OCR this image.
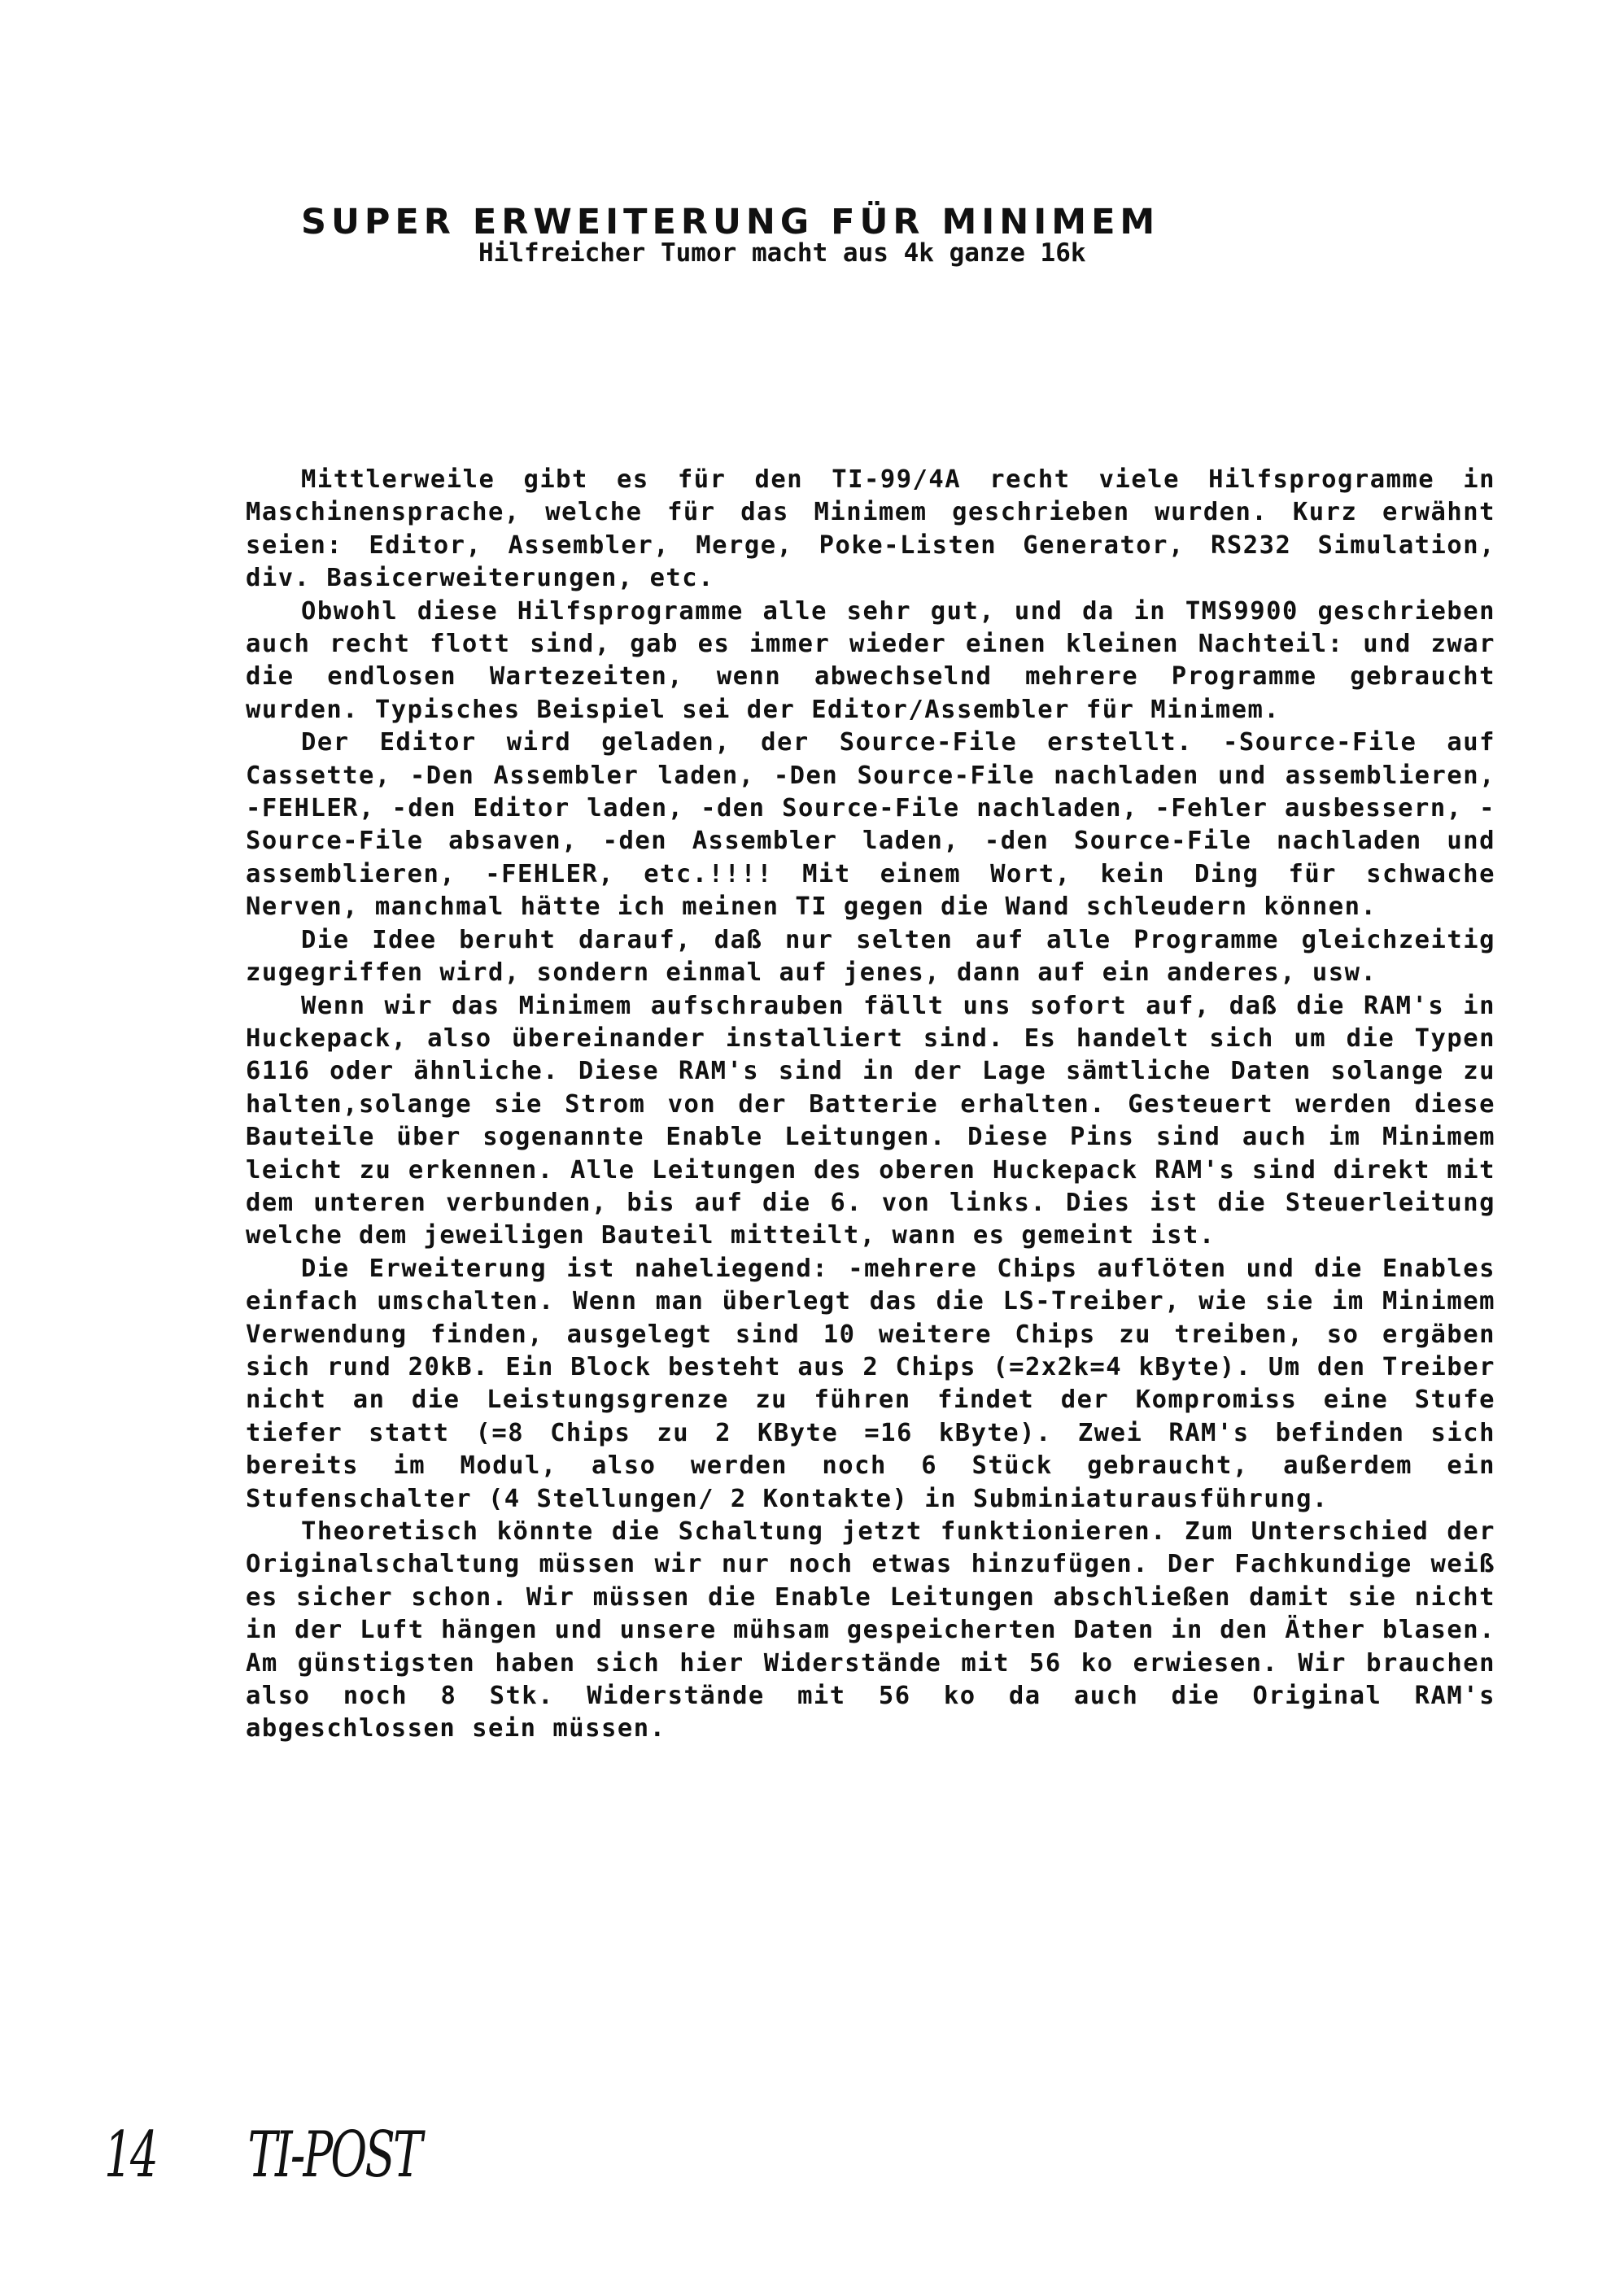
SUPER ERWEITERUNG FÜR MINIMEM
Hilfreicher Tumor macht aus 4k ganze 16k

Mittlerweile gibt es für den TI-99/4A recht viele Hilfsprogramme in Maschinensprache, welche für das Minimem geschrieben wurden. Kurz erwähnt seien: Editor, Assembler, Merge, Poke-Listen Generator, RS232 Simulation, div. Basicerweiterungen, etc.

Obwohl diese Hilfsprogramme alle sehr gut, und da in TMS9900 geschrieben auch recht flott sind, gab es immer wieder einen kleinen Nachteil: und zwar die endlosen Wartezeiten, wenn abwechselnd mehrere Programme gebraucht wurden. Typisches Beispiel sei der Editor/Assembler für Minimem.

Der Editor wird geladen, der Source-File erstellt. -Source-File auf Cassette, -Den Assembler laden, -Den Source-File nachladen und assemblieren, -FEHLER, -den Editor laden, -den Source-File nachladen, -Fehler ausbessern, -Source-File absaven, -den Assembler laden, -den Source-File nachladen und assemblieren, -FEHLER, etc.!!!! Mit einem Wort, kein Ding für schwache Nerven, manchmal hätte ich meinen TI gegen die Wand schleudern können.

Die Idee beruht darauf, daß nur selten auf alle Programme gleichzeitig zugegriffen wird, sondern einmal auf jenes, dann auf ein anderes, usw.

Wenn wir das Minimem aufschrauben fällt uns sofort auf, daß die RAM's in Huckepack, also übereinander installiert sind. Es handelt sich um die Typen 6116 oder ähnliche. Diese RAM's sind in der Lage sämtliche Daten solange zu halten,solange sie Strom von der Batterie erhalten. Gesteuert werden diese Bauteile über sogenannte Enable Leitungen. Diese Pins sind auch im Minimem leicht zu erkennen. Alle Leitungen des oberen Huckepack RAM's sind direkt mit dem unteren verbunden, bis auf die 6. von links. Dies ist die Steuerleitung welche dem jeweiligen Bauteil mitteilt, wann es gemeint ist.

Die Erweiterung ist naheliegend: -mehrere Chips auflöten und die Enables einfach umschalten. Wenn man überlegt das die LS-Treiber, wie sie im Minimem Verwendung finden, ausgelegt sind 10 weitere Chips zu treiben, so ergäben sich rund 20kB. Ein Block besteht aus 2 Chips (=2x2k=4 kByte). Um den Treiber nicht an die Leistungsgrenze zu führen findet der Kompromiss eine Stufe tiefer statt (=8 Chips zu 2 KByte =16 kByte). Zwei RAM's befinden sich bereits im Modul, also werden noch 6 Stück gebraucht, außerdem ein Stufenschalter (4 Stellungen/ 2 Kontakte) in Subminiaturausführung.

Theoretisch könnte die Schaltung jetzt funktionieren. Zum Unterschied der Originalschaltung müssen wir nur noch etwas hinzufügen. Der Fachkundige weiß es sicher schon. Wir müssen die Enable Leitungen abschließen damit sie nicht in der Luft hängen und unsere mühsam gespeicherten Daten in den Äther blasen. Am günstigsten haben sich hier Widerstände mit 56 ko erwiesen. Wir brauchen also noch 8 Stk. Widerstände mit 56 ko da auch die Original RAM's abgeschlossen sein müssen.

14 TI-POST
